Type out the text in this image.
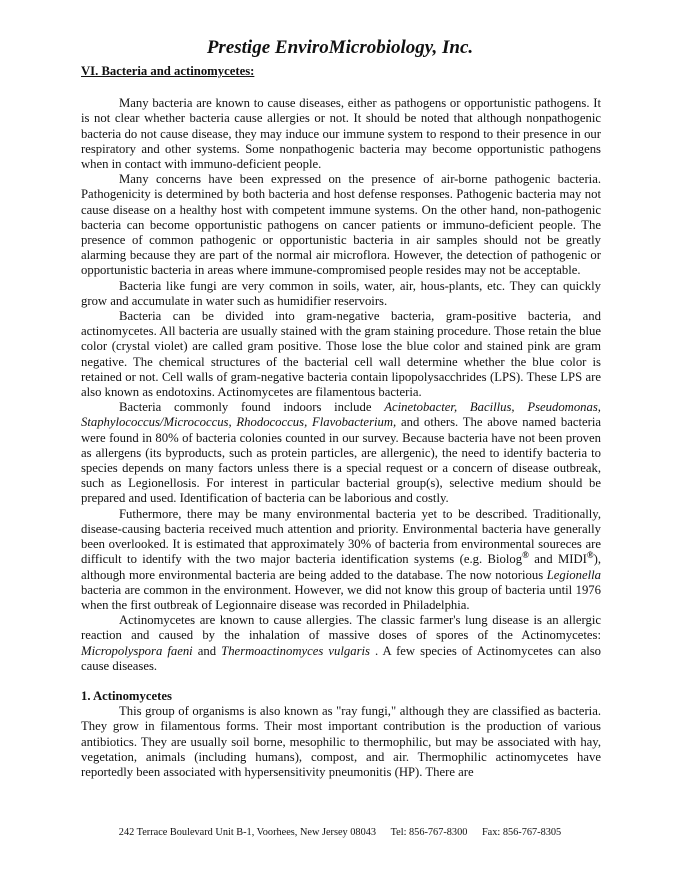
Prestige EnviroMicrobiology, Inc.
VI. Bacteria and actinomycetes:

Many bacteria are known to cause diseases, either as pathogens or opportunistic pathogens. It is not clear whether bacteria cause allergies or not. It should be noted that although nonpathogenic bacteria do not cause disease, they may induce our immune system to respond to their presence in our respiratory and other systems. Some nonpathogenic bacteria may become opportunistic pathogens when in contact with immuno-deficient people.

Many concerns have been expressed on the presence of air-borne pathogenic bacteria. Pathogenicity is determined by both bacteria and host defense responses. Pathogenic bacteria may not cause disease on a healthy host with competent immune systems. On the other hand, non-pathogenic bacteria can become opportunistic pathogens on cancer patients or immuno-deficient people. The presence of common pathogenic or opportunistic bacteria in air samples should not be greatly alarming because they are part of the normal air microflora. However, the detection of pathogenic or opportunistic bacteria in areas where immune-compromised people resides may not be acceptable.

Bacteria like fungi are very common in soils, water, air, hous-plants, etc. They can quickly grow and accumulate in water such as humidifier reservoirs.

Bacteria can be divided into gram-negative bacteria, gram-positive bacteria, and actinomycetes. All bacteria are usually stained with the gram staining procedure. Those retain the blue color (crystal violet) are called gram positive. Those lose the blue color and stained pink are gram negative. The chemical structures of the bacterial cell wall determine whether the blue color is retained or not. Cell walls of gram-negative bacteria contain lipopolysacchrides (LPS). These LPS are also known as endotoxins. Actinomycetes are filamentous bacteria.

Bacteria commonly found indoors include Acinetobacter, Bacillus, Pseudomonas, Staphylococcus/Micrococcus, Rhodococcus, Flavobacterium, and others. The above named bacteria were found in 80% of bacteria colonies counted in our survey. Because bacteria have not been proven as allergens (its byproducts, such as protein particles, are allergenic), the need to identify bacteria to species depends on many factors unless there is a special request or a concern of disease outbreak, such as Legionellosis. For interest in particular bacterial group(s), selective medium should be prepared and used. Identification of bacteria can be laborious and costly.

Futhermore, there may be many environmental bacteria yet to be described. Traditionally, disease-causing bacteria received much attention and priority. Environmental bacteria have generally been overlooked. It is estimated that approximately 30% of bacteria from environmental soureces are difficult to identify with the two major bacteria identification systems (e.g. Biolog® and MIDI®), although more environmental bacteria are being added to the database. The now notorious Legionella bacteria are common in the environment. However, we did not know this group of bacteria until 1976 when the first outbreak of Legionnaire disease was recorded in Philadelphia.

Actinomycetes are known to cause allergies. The classic farmer's lung disease is an allergic reaction and caused by the inhalation of massive doses of spores of the Actinomycetes: Micropolyspora faeni and Thermoactinomyces vulgaris . A few species of Actinomycetes can also cause diseases.

1. Actinomycetes

This group of organisms is also known as "ray fungi," although they are classified as bacteria. They grow in filamentous forms. Their most important contribution is the production of various antibiotics. They are usually soil borne, mesophilic to thermophilic, but may be associated with hay, vegetation, animals (including humans), compost, and air. Thermophilic actinomycetes have reportedly been associated with hypersensitivity pneumonitis (HP). There are

242 Terrace Boulevard Unit B-1, Voorhees, New Jersey 08043 Tel: 856-767-8300 Fax: 856-767-8305
